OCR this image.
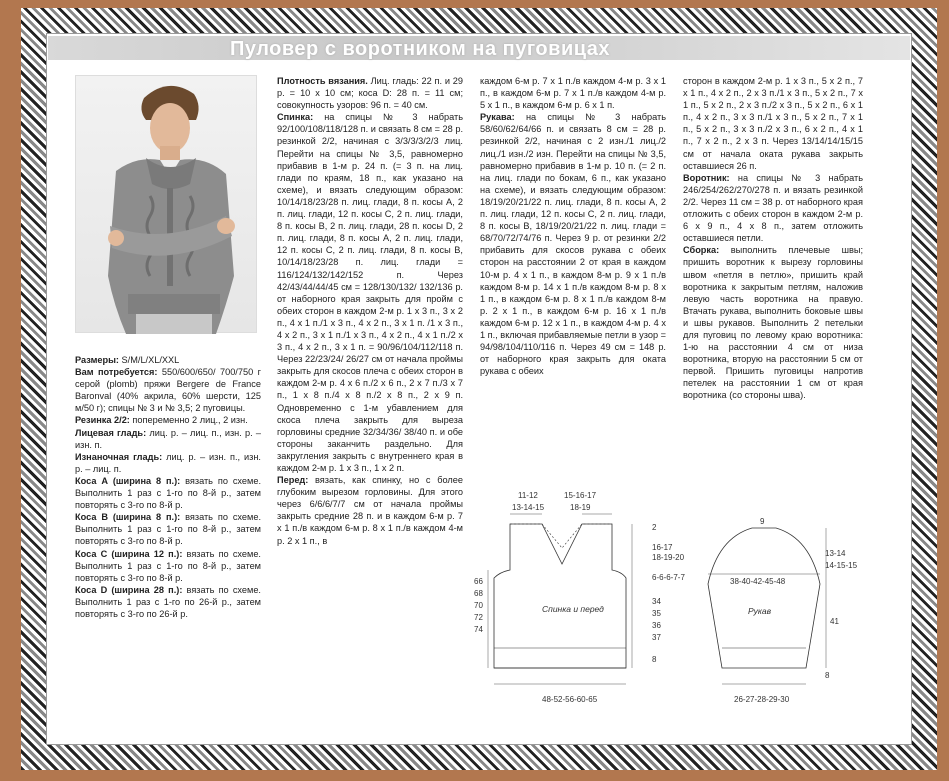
Пуловер с воротником на пуговицах

Размеры: S/M/L/XL/XXL

Вам потребуется: 550/600/650/ 700/750 г серой (plomb) пряжи Bergere de France Baronval (40% акрила, 60% шерсти, 125 м/50 г); спицы № 3 и № 3,5; 2 пуговицы.

Резинка 2/2: попеременно 2 лиц., 2 изн.

Лицевая гладь: лиц. р. – лиц. п., изн. р. – изн. п.

Изнаночная гладь: лиц. р. – изн. п., изн. р. – лиц. п.

Коса А (ширина 8 п.): вязать по схеме. Выполнить 1 раз с 1-го по 8-й р., затем повторять с 3-го по 8-й р.

Коса В (ширина 8 п.): вязать по схеме. Выполнить 1 раз с 1-го по 8-й р., затем повторять с 3-го по 8-й р.

Коса С (ширина 12 п.): вязать по схеме. Выполнить 1 раз с 1-го по 8-й р., затем повторять с 3-го по 8-й р.

Коса D (ширина 28 п.): вязать по схеме. Выполнить 1 раз с 1-го по 26-й р., затем повторять с 3-го по 26-й р.

Плотность вязания. Лиц. гладь: 22 п. и 29 р. = 10 х 10 см; коса D: 28 п. = 11 см; совокупность узоров: 96 п. = 40 см.

Спинка: на спицы № 3 набрать 92/100/108/118/128 п. и связать 8 см = 28 р. резинкой 2/2, начиная с 3/3/3/3/2/3 лиц. Перейти на спицы № 3,5, равномерно прибавив в 1-м р. 24 п. (= 3 п. на лиц. глади по краям, 18 п., как указано на схеме), и вязать следующим образом: 10/14/18/23/28 п. лиц. глади, 8 п. косы А, 2 п. лиц. глади, 12 п. косы С, 2 п. лиц. глади, 8 п. косы В, 2 п. лиц. глади, 28 п. косы D, 2 п. лиц. глади, 8 п. косы А, 2 п. лиц. глади, 12 п. косы С, 2 п. лиц. глади, 8 п. косы В, 10/14/18/23/28 п. лиц. глади = 116/124/132/142/152 п. Через 42/43/44/44/45 см = 128/130/132/ 132/136 р. от наборного края закрыть для пройм с обеих сторон в каждом 2-м р. 1 х 3 п., 3 х 2 п., 4 х 1 п./1 х 3 п., 4 х 2 п., 3 х 1 п. /1 х 3 п., 4 х 2 п., 3 х 1 п./1 х 3 п., 4 х 2 п., 4 х 1 п./2 х 3 п., 4 х 2 п., 3 х 1 п. = 90/96/104/112/118 п. Через 22/23/24/ 26/27 см от начала проймы закрыть для скосов плеча с обеих сторон в каждом 2-м р. 4 х 6 п./2 х 6 п., 2 х 7 п./3 х 7 п., 1 х 8 п./4 х 8 п./2 х 8 п., 2 х 9 п. Одновременно с 1-м убавлением для скоса плеча закрыть для выреза горловины средние 32/34/36/ 38/40 п. и обе стороны заканчить раздельно. Для закругления закрыть с внутреннего края в каждом 2-м р. 1 х 3 п., 1 х 2 п.

Перед: вязать, как спинку, но с более глубоким вырезом горловины. Для этого через 6/6/6/7/7 см от начала проймы закрыть средние 28 п. и в каждом 6-м р. 7 х 1 п./в каждом 6-м р. 8 х 1 п./в каждом 4-м р. 2 х 1 п., в

каждом 6-м р. 7 х 1 п./в каждом 4-м р. 3 х 1 п., в каждом 6-м р. 7 х 1 п./в каждом 4-м р. 5 х 1 п., в каждом 6-м р. 6 х 1 п.

Рукава: на спицы № 3 набрать 58/60/62/64/66 п. и связать 8 см = 28 р. резинкой 2/2, начиная с 2 изн./1 лиц./2 лиц./1 изн./2 изн. Перейти на спицы № 3,5, равномерно прибавив в 1-м р. 10 п. (= 2 п. на лиц. глади по бокам, 6 п., как указано на схеме), и вязать следующим образом: 18/19/20/21/22 п. лиц. глади, 8 п. косы А, 2 п. лиц. глади, 12 п. косы С, 2 п. лиц. глади, 8 п. косы В, 18/19/20/21/22 п. лиц. глади = 68/70/72/74/76 п. Через 9 р. от резинки 2/2 прибавить для скосов рукава с обеих сторон на расстоянии 2 от края в каждом 10-м р. 4 х 1 п., в каждом 8-м р. 9 х 1 п./в каждом 8-м р. 14 х 1 п./в каждом 8-м р. 8 х 1 п., в каждом 6-м р. 8 х 1 п./в каждом 8-м р. 2 х 1 п., в каждом 6-м р. 16 х 1 п./в каждом 6-м р. 12 х 1 п., в каждом 4-м р. 4 х 1 п., включая прибавляемые петли в узор = 94/98/104/110/116 п. Через 49 см = 148 р. от наборного края закрыть для оката рукава с обеих

сторон в каждом 2-м р. 1 х 3 п., 5 х 2 п., 7 х 1 п., 4 х 2 п., 2 х 3 п./1 х 3 п., 5 х 2 п., 7 х 1 п., 5 х 2 п., 2 х 3 п./2 х 3 п., 5 х 2 п., 6 х 1 п., 4 х 2 п., 3 х 3 п./1 х 3 п., 5 х 2 п., 7 х 1 п., 5 х 2 п., 3 х 3 п./2 х 3 п., 6 х 2 п., 4 х 1 п., 7 х 2 п., 2 х 3 п. Через 13/14/14/15/15 см от начала оката рукава закрыть оставшиеся 26 п.

Воротник: на спицы № 3 набрать 246/254/262/270/278 п. и вязать резинкой 2/2. Через 11 см = 38 р. от наборного края отложить с обеих сторон в каждом 2-м р. 6 х 9 п., 4 х 8 п., затем отложить оставшиеся петли.

Сборка: выполнить плечевые швы; пришить воротник к вырезу горловины швом «петля в петлю», пришить край воротника к закрытым петлям, наложив левую часть воротника на правую. Втачать рукава, выполнить боковые швы и швы рукавов. Выполнить 2 петельки для пуговиц по левому краю воротника: 1-ю на расстоянии 4 см от низа воротника, вторую на расстоянии 5 см от первой. Пришить пуговицы напротив петелек на расстоянии 1 см от края воротника (со стороны шва).

Спинка и перед
11-12
13-14-15
15-16-17
18-19
2
16-17
18-19-20
6-6-6-7-7
34
35
36
37
8
66
68
70
72
74
48-52-56-60-65
Рукав
9
13-14
14-15-15
41
8
38-40-42-45-48
26-27-28-29-30
